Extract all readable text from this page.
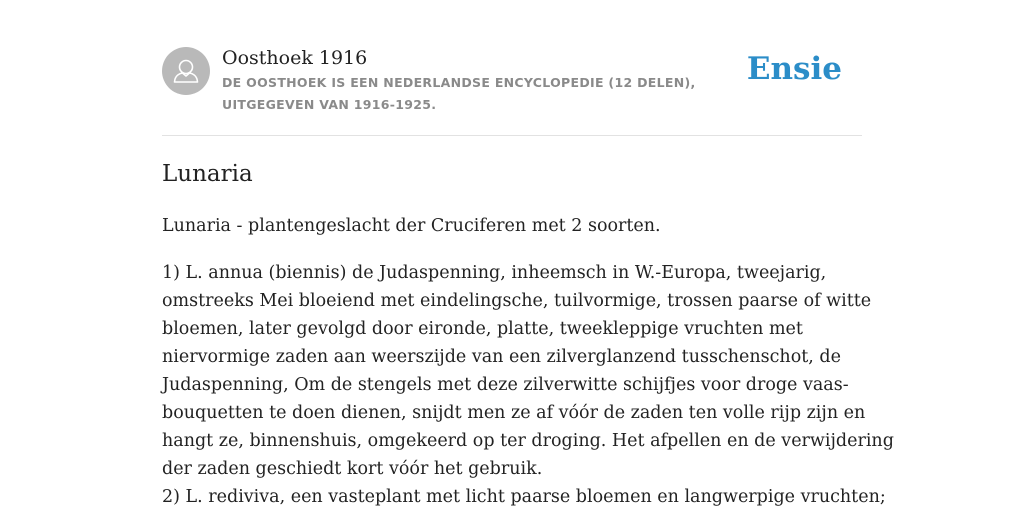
Oosthoek 1916
DE OOSTHOEK IS EEN NEDERLANDSE ENCYCLOPEDIE (12 DELEN), UITGEGEVEN VAN 1916-1925.
Ensie
Lunaria

Lunaria - plantengeslacht der Cruciferen met 2 soorten.

1) L. annua (biennis) de Judaspenning, inheemsch in W.-Europa, tweejarig,
omstreeks Mei bloeiend met eindelingsche, tuilvormige, trossen paarse of witte
bloemen, later gevolgd door eironde, platte, tweekleppige vruchten met
niervormige zaden aan weerszijde van een zilverglanzend tusschenschot, de
Judaspenning, Om de stengels met deze zilverwitte schijfjes voor droge vaas-
bouquetten te doen dienen, snijdt men ze af vóór de zaden ten volle rijp zijn en
hangt ze, binnenshuis, omgekeerd op ter droging. Het afpellen en de verwijdering
der zaden geschiedt kort vóór het gebruik.
2) L. rediviva, een vasteplant met licht paarse bloemen en langwerpige vruchten;
